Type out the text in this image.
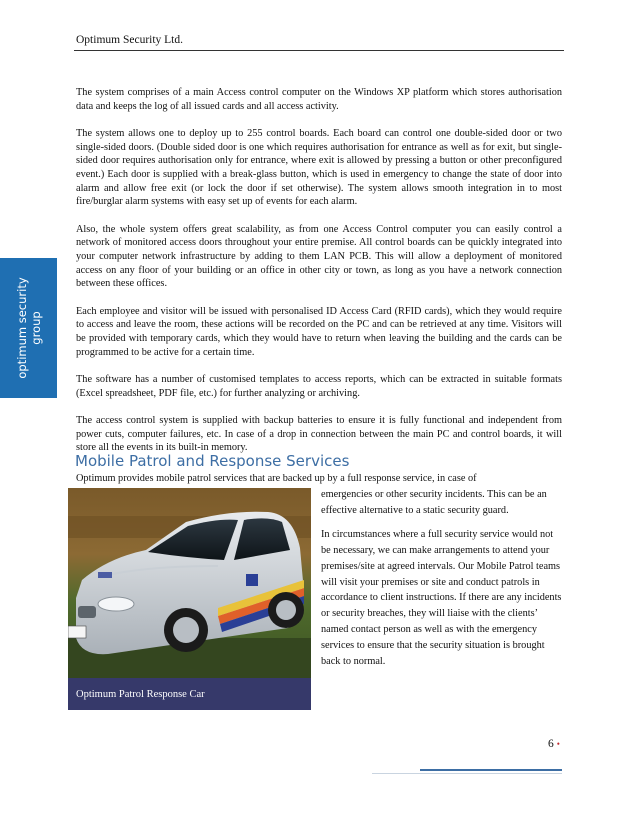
Optimum Security Ltd.
optimum security group

The system comprises of a main Access control computer on the Windows XP platform which stores authorisation data and keeps the log of all issued cards and all access activity.

The system allows one to deploy up to 255 control boards. Each board can control one double-sided door or two single-sided doors. (Double sided door is one which requires authorisation for entrance as well as for exit, but single-sided door requires authorisation only for entrance, where exit is allowed by pressing a button or other preconfigured event.) Each door is supplied with a break-glass button, which is used in emergency to change the state of door into alarm and allow free exit (or lock the door if set otherwise). The system allows smooth integration in to most fire/burglar alarm systems with easy set up of events for each alarm.

Also, the whole system offers great scalability, as from one Access Control computer you can easily control a network of monitored access doors throughout your entire premise. All control boards can be quickly integrated into your computer network infrastructure by adding to them LAN PCB. This will allow a deployment of monitored access on any floor of your building or an office in other city or town, as long as you have a network connection between these offices.

Each employee and visitor will be issued with personalised ID Access Card (RFID cards), which they would require to access and leave the room, these actions will be recorded on the PC and can be retrieved at any time. Visitors will be provided with temporary cards, which they would have to return when leaving the building and the cards can be programmed to be active for a certain time.

The software has a number of customised templates to access reports, which can be extracted in suitable formats (Excel spreadsheet, PDF file, etc.) for further analyzing or archiving.

The access control system is supplied with backup batteries to ensure it is fully functional and independent from power cuts, computer failures, etc. In case of a drop in connection between the main PC and control boards, it will store all the events in its built-in memory.

Mobile Patrol and Response Services
Optimum provides mobile patrol services that are backed up by a full response service, in case of
Optimum Patrol Response Car

emergencies or other security incidents. This can be an effective alternative to a static security guard.

In circumstances where a full security service would not be necessary, we can make arrangements to attend your premises/site at agreed intervals. Our Mobile Patrol teams will visit your premises or site and conduct patrols in accordance to client instructions. If there are any incidents or security breaches, they will liaise with the clients’ named contact person as well as with the emergency services to ensure that the security situation is brought back to normal.

6 •
